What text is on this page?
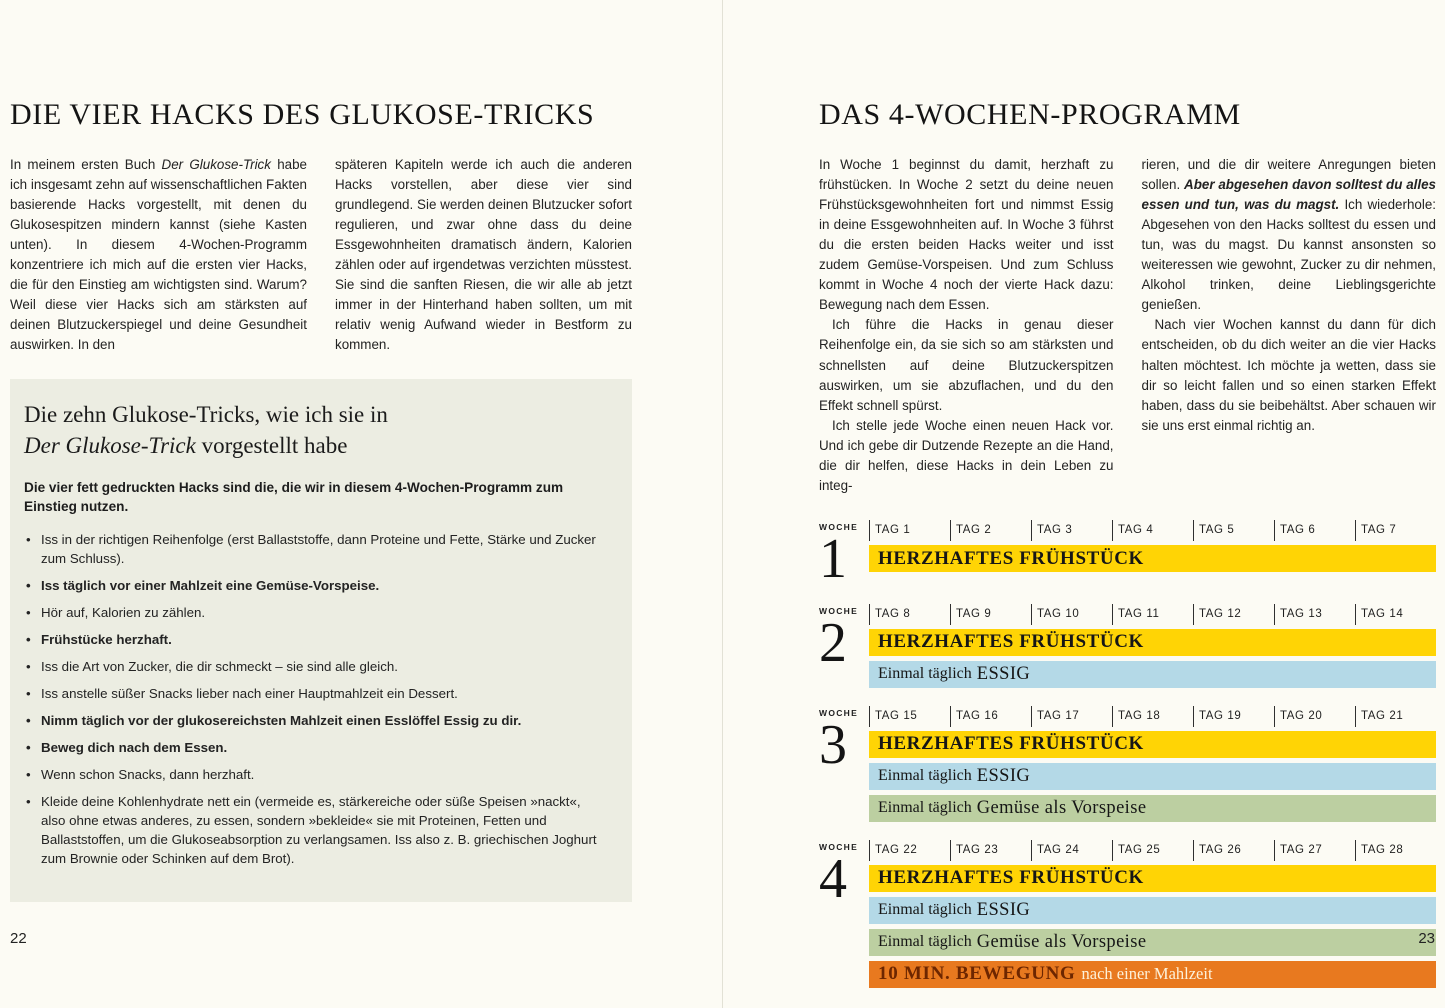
DIE VIER HACKS DES GLUKOSE-TRICKS

In meinem ersten Buch Der Glukose-Trick habe ich insgesamt zehn auf wissenschaftlichen Fakten basierende Hacks vorgestellt, mit denen du Glukosespitzen mindern kannst (siehe Kasten unten). In diesem 4-Wochen-Programm konzentriere ich mich auf die ersten vier Hacks, die für den Einstieg am wichtigsten sind. Warum? Weil diese vier Hacks sich am stärksten auf deinen Blutzuckerspiegel und deine Gesundheit auswirken. In den

späteren Kapiteln werde ich auch die anderen Hacks vorstellen, aber diese vier sind grundlegend. Sie werden deinen Blutzucker sofort regulieren, und zwar ohne dass du deine Essgewohnheiten dramatisch ändern, Kalorien zählen oder auf irgendetwas verzichten müsstest. Sie sind die sanften Riesen, die wir alle ab jetzt immer in der Hinterhand haben sollten, um mit relativ wenig Aufwand wieder in Bestform zu kommen.

Die zehn Glukose-Tricks, wie ich sie in
Der Glukose-Trick vorgestellt habe

Die vier fett gedruckten Hacks sind die, die wir in diesem 4-Wochen-Programm zum Einstieg nutzen.

• Iss in der richtigen Reihenfolge (erst Ballaststoffe, dann Proteine und Fette, Stärke und Zucker zum Schluss).
• Iss täglich vor einer Mahlzeit eine Gemüse-Vorspeise.
• Hör auf, Kalorien zu zählen.
• Frühstücke herzhaft.
• Iss die Art von Zucker, die dir schmeckt – sie sind alle gleich.
• Iss anstelle süßer Snacks lieber nach einer Hauptmahlzeit ein Dessert.
• Nimm täglich vor der glukosereichsten Mahlzeit einen Esslöffel Essig zu dir.
• Beweg dich nach dem Essen.
• Wenn schon Snacks, dann herzhaft.
• Kleide deine Kohlenhydrate nett ein (vermeide es, stärkereiche oder süße Speisen »nackt«, also ohne etwas anderes, zu essen, sondern »bekleide« sie mit Proteinen, Fetten und Ballaststoffen, um die Glukoseabsorption zu verlangsamen. Iss also z. B. griechischen Joghurt zum Brownie oder Schinken auf dem Brot).
DAS 4-WOCHEN-PROGRAMM

In Woche 1 beginnst du damit, herzhaft zu frühstücken. In Woche 2 setzt du deine neuen Frühstücksgewohnheiten fort und nimmst Essig in deine Essgewohnheiten auf. In Woche 3 führst du die ersten beiden Hacks weiter und isst zudem Gemüse-Vorspeisen. Und zum Schluss kommt in Woche 4 noch der vierte Hack dazu: Bewegung nach dem Essen.

Ich führe die Hacks in genau dieser Reihenfolge ein, da sie sich so am stärksten und schnellsten auf deine Blutzuckerspitzen auswirken, um sie abzuflachen, und du den Effekt schnell spürst.

Ich stelle jede Woche einen neuen Hack vor. Und ich gebe dir Dutzende Rezepte an die Hand, die dir helfen, diese Hacks in dein Leben zu integ-

rieren, und die dir weitere Anregungen bieten sollen. Aber abgesehen davon solltest du alles essen und tun, was du magst. Ich wiederhole: Abgesehen von den Hacks solltest du essen und tun, was du magst. Du kannst ansonsten so weiteressen wie gewohnt, Zucker zu dir nehmen, Alkohol trinken, deine Lieblingsgerichte genießen.

Nach vier Wochen kannst du dann für dich entscheiden, ob du dich weiter an die vier Hacks halten möchtest. Ich möchte ja wetten, dass sie dir so leicht fallen und so einen starken Effekt haben, dass du sie beibehältst. Aber schauen wir sie uns erst einmal richtig an.

WOCHE
1	TAG 1	TAG 2	TAG 3	TAG 4	TAG 5	TAG 6	TAG 7
HERZHAFTES FRÜHSTÜCK
WOCHE
2	TAG 8	TAG 9	TAG 10	TAG 11	TAG 12	TAG 13	TAG 14
HERZHAFTES FRÜHSTÜCK
Einmal täglich ESSIG
WOCHE
3	TAG 15	TAG 16	TAG 17	TAG 18	TAG 19	TAG 20	TAG 21
HERZHAFTES FRÜHSTÜCK
Einmal täglich ESSIG
Einmal täglich Gemüse als Vorspeise
WOCHE
4	TAG 22	TAG 23	TAG 24	TAG 25	TAG 26	TAG 27	TAG 28
HERZHAFTES FRÜHSTÜCK
Einmal täglich ESSIG
Einmal täglich Gemüse als Vorspeise
10 MIN. BEWEGUNG nach einer Mahlzeit
22	23
